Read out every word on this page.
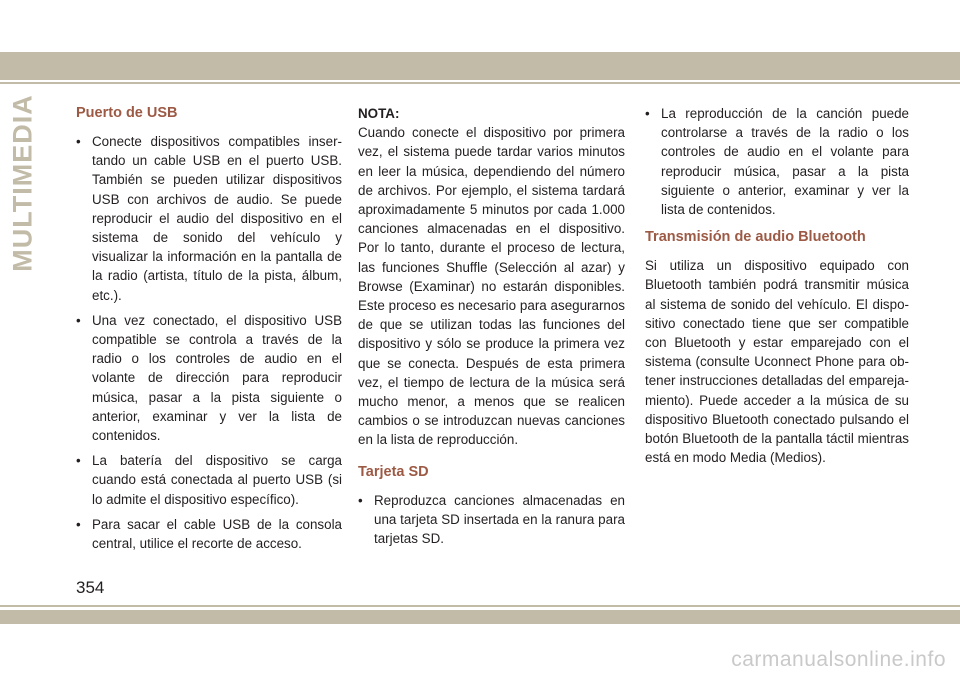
MULTIMEDIA	Puerto de USB
• Conecte dispositivos compatibles insertando un cable USB en el puerto USB. También se pueden utilizar dispositivos USB con archivos de audio. Se puede reproducir el audio del dispositivo en el sistema de sonido del vehículo y visualizar la información en la pantalla de la radio (artista, título de la pista, álbum, etc.).
• Una vez conectado, el dispositivo USB compatible se controla a través de la radio o los controles de audio en el volante de dirección para reproducir música, pasar a la pista siguiente o anterior, examinar y ver la lista de contenidos.
• La batería del dispositivo se carga cuando está conectada al puerto USB (si lo admite el dispositivo específico).
• Para sacar el cable USB de la consola central, utilice el recorte de acceso.
NOTA:

Cuando conecte el dispositivo por primera vez, el sistema puede tardar varios minutos en leer la música, dependiendo del número de archivos. Por ejemplo, el sistema tardará aproximadamente 5 minutos por cada 1.000 canciones almacenadas en el dispositivo. Por lo tanto, durante el proceso de lectura, las funciones Shuffle (Selección al azar) y Browse (Examinar) no estarán disponibles. Este proceso es necesario para asegurarnos de que se utilizan todas las funciones del dispositivo y sólo se produce la primera vez que se conecta. Después de esta primera vez, el tiempo de lectura de la música será mucho menor, a menos que se realicen cambios o se introduzcan nuevas canciones en la lista de reproducción.

Tarjeta SD
• Reproduzca canciones almacenadas en una tarjeta SD insertada en la ranura para tarjetas SD.
• La reproducción de la canción puede controlarse a través de la radio o los controles de audio en el volante para reproducir música, pasar a la pista siguiente o anterior, examinar y ver la lista de contenidos.
Transmisión de audio Bluetooth

Si utiliza un dispositivo equipado con Bluetooth también podrá transmitir música al sistema de sonido del vehículo. El dispositivo conectado tiene que ser compatible con Bluetooth y estar emparejado con el sistema (consulte Uconnect Phone para obtener instrucciones detalladas del emparejamiento). Puede acceder a la música de su dispositivo Bluetooth conectado pulsando el botón Bluetooth de la pantalla táctil mientras está en modo Media (Medios).

354
carmanualsonline.info
